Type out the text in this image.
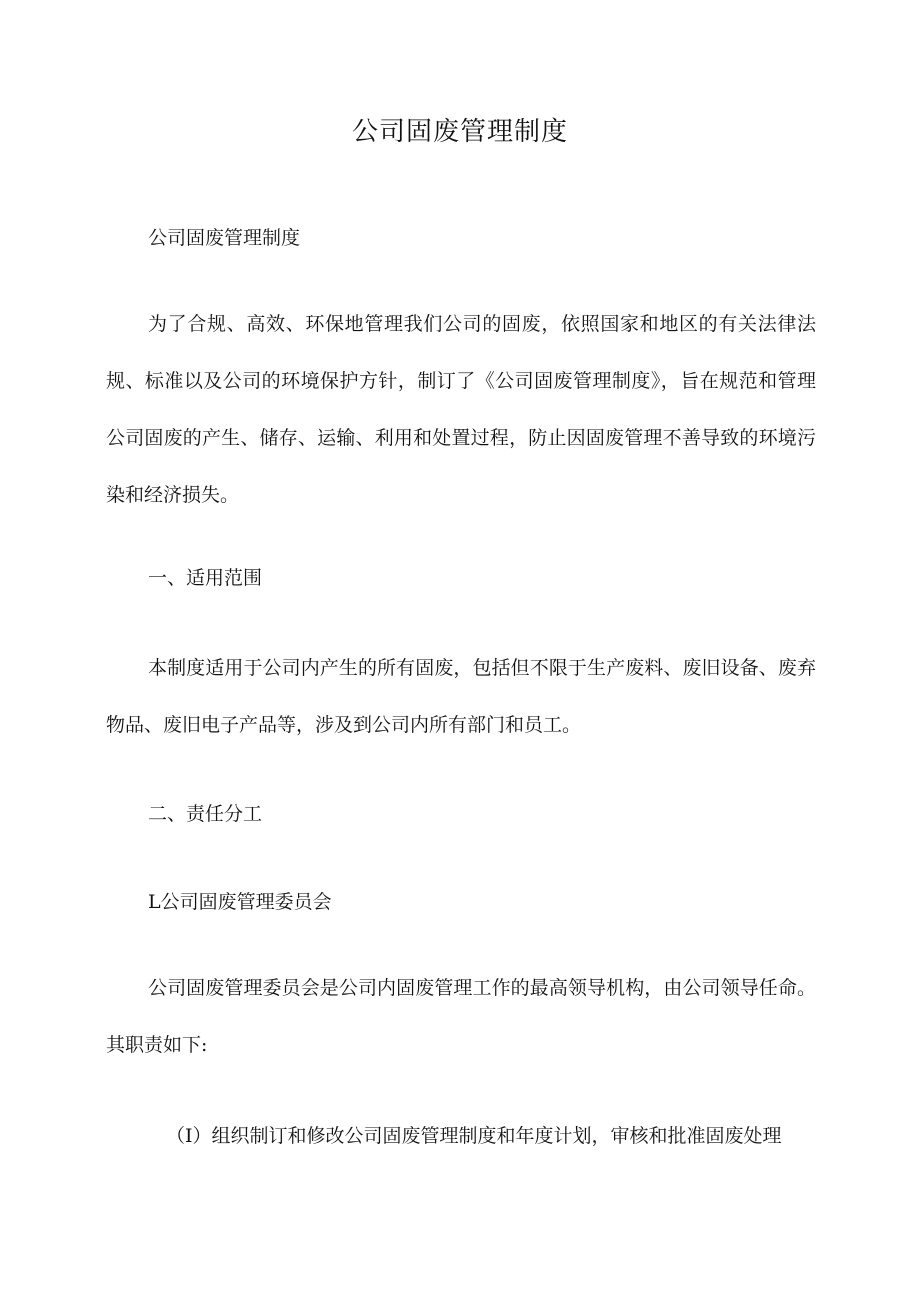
公司固废管理制度

公司固废管理制度

为了合规、高效、环保地管理我们公司的固废，依照国家和地区的有关法律法规、标准以及公司的环境保护方针，制订了《公司固废管理制度》，旨在规范和管理公司固废的产生、储存、运输、利用和处置过程，防止因固废管理不善导致的环境污染和经济损失。

一、适用范围

本制度适用于公司内产生的所有固废，包括但不限于生产废料、废旧设备、废弃物品、废旧电子产品等，涉及到公司内所有部门和员工。

二、责任分工

L公司固废管理委员会

公司固废管理委员会是公司内固废管理工作的最高领导机构，由公司领导任命。其职责如下:

（I）组织制订和修改公司固废管理制度和年度计划，审核和批准固废处理
